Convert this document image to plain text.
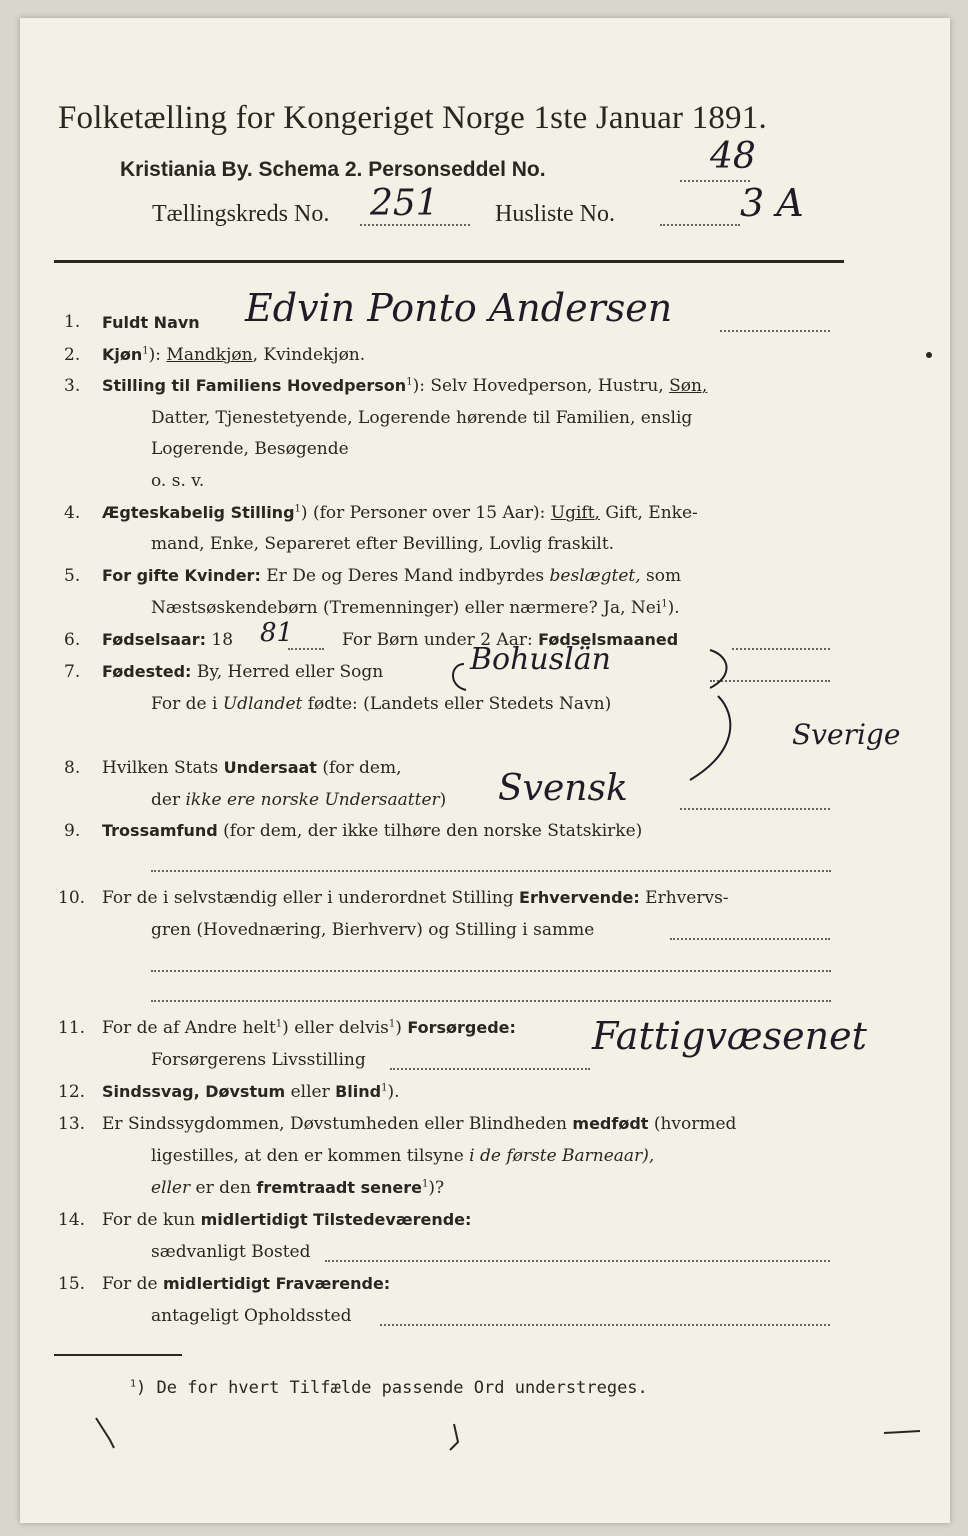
Folketælling for Kongeriget Norge 1ste Januar 1891.
Kristiania By. Schema 2. Personseddel No.	48
Tællingskreds No. 251 Husliste No.	3 A
1. Fuldt Navn Edvin Ponto Andersen
2. Kjøn$^1$): Mandkjøn, Kvindekjøn.
3. Stilling til Familiens Hovedperson$^1$): Selv Hovedperson, Hustru, Søn,
Datter, Tjenestetyende, Logerende hørende til Familien, enslig
Logerende, Besøgende
o. s. v.
4. Ægteskabelig Stilling$^1$) (for Personer over 15 Aar): Ugift, Gift, Enke-
mand, Enke, Separeret efter Bevilling, Lovlig fraskilt.
5. For gifte Kvinder: Er De og Deres Mand indbyrdes beslægtet, som
Næstsøskendebørn (Tremenninger) eller nærmere? Ja, Nei$^1$).
6. Fødselsaar: 18 81	For Børn under 2 Aar: Fødselsmaaned
7. Fødested: By, Herred eller Sogn	Bohuslän
For de i Udlandet fødte: (Landets eller Stedets Navn)
Sverige
8. Hvilken Stats Undersaat (for dem,
der ikke ere norske Undersaatter) Svensk
9. Trossamfund (for dem, der ikke tilhøre den norske Statskirke)
10. For de i selvstændig eller i underordnet Stilling Erhvervende: Erhvervs-
gren (Hovednæring, Bierhverv) og Stilling i samme
11. For de af Andre helt$^1$) eller delvis$^1$) Forsørgede:
Forsørgerens Livsstilling
Fattigvæsenet
12. Sindssvag, Døvstum eller Blind$^1$).
13. Er Sindssygdommen, Døvstumheden eller Blindheden medfødt (hvormed
ligestilles, at den er kommen tilsyne i de første Barneaar),
eller er den fremtraadt senere$^1$)?
14. For de kun midlertidigt Tilstedeværende:
sædvanligt Bosted
15. For de midlertidigt Fraværende:
antageligt Opholdssted
$^1$) De for hvert Tilfælde passende Ord understreges.
